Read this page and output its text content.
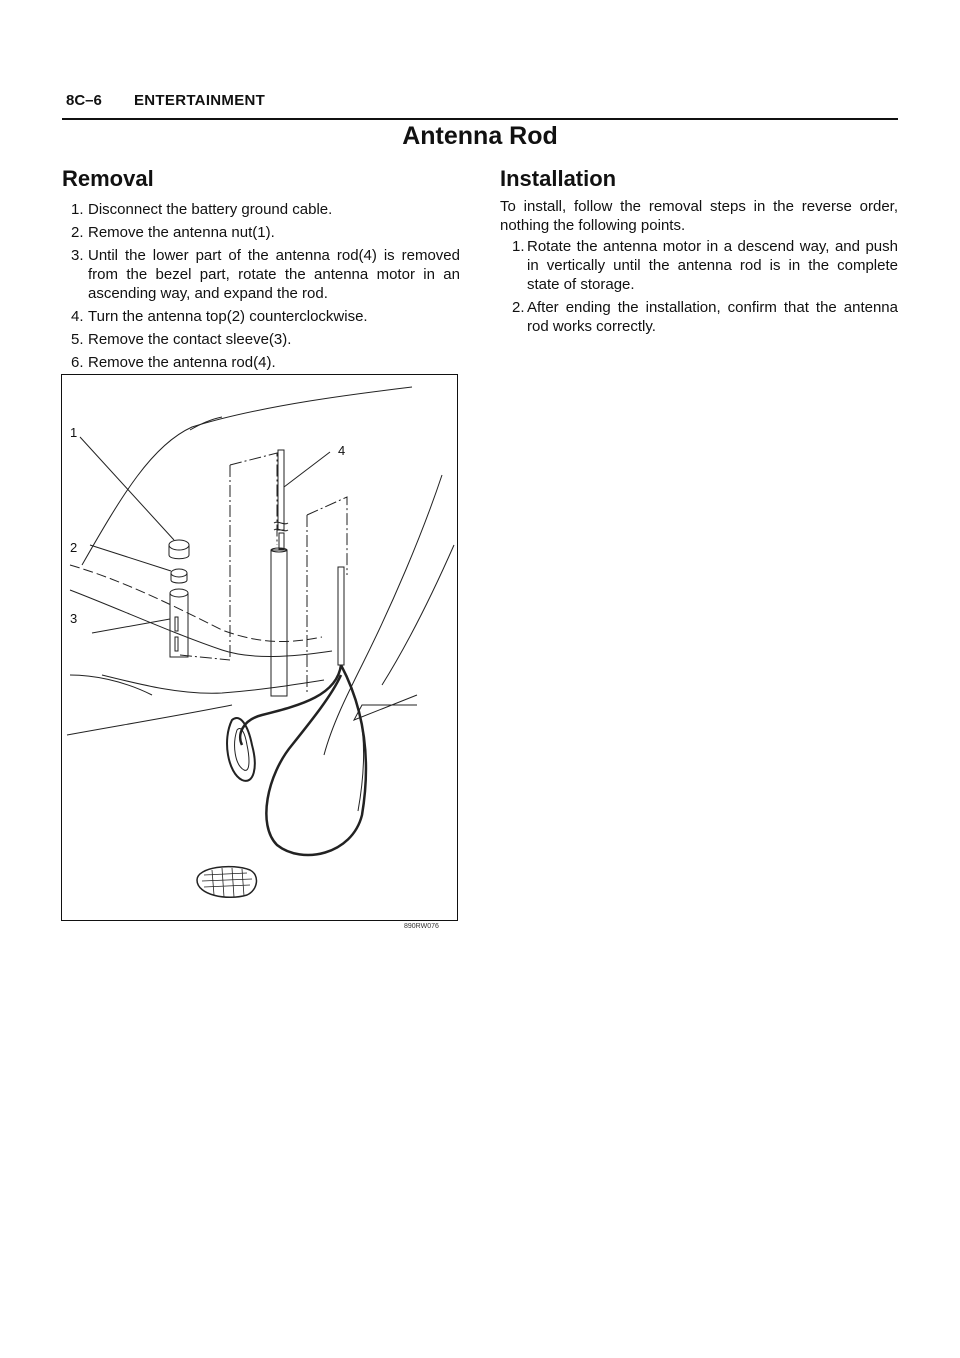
8C–6 ENTERTAINMENT
Antenna Rod
Removal
1. Disconnect the battery ground cable.
2. Remove the antenna nut(1).
3. Until the lower part of the antenna rod(4) is removed from the bezel part, rotate the antenna motor in an ascending way, and expand the rod.
4. Turn the antenna top(2) counterclockwise.
5. Remove the contact sleeve(3).
6. Remove the antenna rod(4).
Installation

To install, follow the removal steps in the reverse order, nothing the following points.

1. Rotate the antenna motor in a descend way, and push in vertically until the antenna rod is in the complete state of storage.
2. After ending the installation, confirm that the antenna rod works correctly.
1
2
3
4
890RW076
